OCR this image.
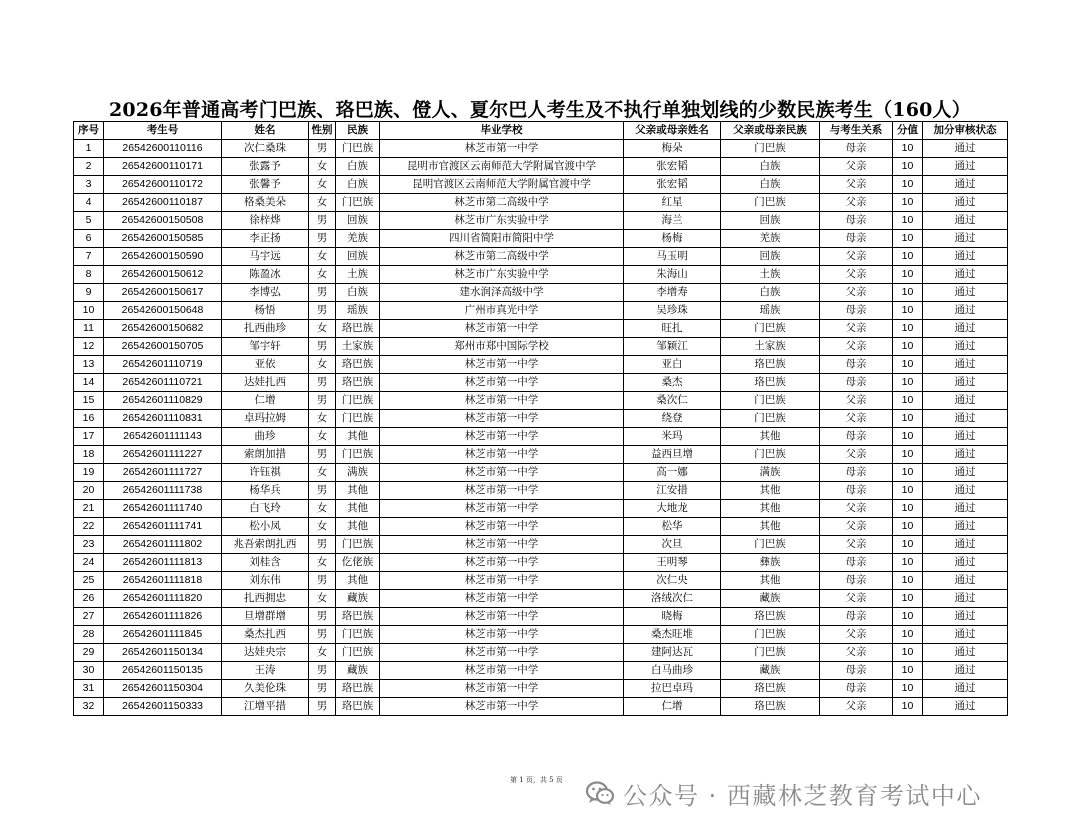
2026年普通高考门巴族、珞巴族、僜人、夏尔巴人考生及不执行单独划线的少数民族考生（160人）
序号	考生号	姓名	性别	民族	毕业学校	父亲或母亲姓名	父亲或母亲民族	与考生关系	分值	加分审核状态
1	26542600110116	次仁桑珠	男	门巴族	林芝市第一中学	梅朵	门巴族	母亲	10	通过
2	26542600110171	张露予	女	白族	昆明市官渡区云南师范大学附属官渡中学	张宏韬	白族	父亲	10	通过
3	26542600110172	张馨予	女	白族	昆明官渡区云南师范大学附属官渡中学	张宏韬	白族	父亲	10	通过
4	26542600110187	格桑美朵	女	门巴族	林芝市第二高级中学	红星	门巴族	父亲	10	通过
5	26542600150508	徐梓烨	男	回族	林芝市广东实验中学	海兰	回族	母亲	10	通过
6	26542600150585	李正扬	男	羌族	四川省简阳市简阳中学	杨梅	羌族	母亲	10	通过
7	26542600150590	马宇远	女	回族	林芝市第二高级中学	马玉明	回族	父亲	10	通过
8	26542600150612	陈盈冰	女	土族	林芝市广东实验中学	朱海山	土族	父亲	10	通过
9	26542600150617	李博弘	男	白族	建水润泽高级中学	李增寿	白族	父亲	10	通过
10	26542600150648	杨悟	男	瑶族	广州市真光中学	吴珍珠	瑶族	母亲	10	通过
11	26542600150682	扎西曲珍	女	珞巴族	林芝市第一中学	旺扎	门巴族	父亲	10	通过
12	26542600150705	邹宇轩	男	土家族	郑州市郑中国际学校	邹颖江	土家族	父亲	10	通过
13	26542601110719	亚依	女	珞巴族	林芝市第一中学	亚白	珞巴族	母亲	10	通过
14	26542601110721	达娃扎西	男	珞巴族	林芝市第一中学	桑杰	珞巴族	母亲	10	通过
15	26542601110829	仁增	男	门巴族	林芝市第一中学	桑次仁	门巴族	父亲	10	通过
16	26542601110831	卓玛拉姆	女	门巴族	林芝市第一中学	绕登	门巴族	父亲	10	通过
17	26542601111143	曲珍	女	其他	林芝市第一中学	米玛	其他	母亲	10	通过
18	26542601111227	索朗加措	男	门巴族	林芝市第一中学	益西旦增	门巴族	父亲	10	通过
19	26542601111727	许钰祺	女	满族	林芝市第一中学	高一娜	满族	母亲	10	通过
20	26542601111738	杨华兵	男	其他	林芝市第一中学	江安措	其他	母亲	10	通过
21	26542601111740	白飞玲	女	其他	林芝市第一中学	大地龙	其他	父亲	10	通过
22	26542601111741	松小凤	女	其他	林芝市第一中学	松华	其他	父亲	10	通过
23	26542601111802	兆吾索朗扎西	男	门巴族	林芝市第一中学	次旦	门巴族	父亲	10	通过
24	26542601111813	刘桂含	女	仡佬族	林芝市第一中学	王明琴	彝族	母亲	10	通过
25	26542601111818	刘东伟	男	其他	林芝市第一中学	次仁央	其他	母亲	10	通过
26	26542601111820	扎西拥忠	女	藏族	林芝市第一中学	洛绒次仁	藏族	父亲	10	通过
27	26542601111826	旦增群增	男	珞巴族	林芝市第一中学	晓梅	珞巴族	母亲	10	通过
28	26542601111845	桑杰扎西	男	门巴族	林芝市第一中学	桑杰旺堆	门巴族	父亲	10	通过
29	26542601150134	达娃央宗	女	门巴族	林芝市第一中学	建阿达瓦	门巴族	父亲	10	通过
30	26542601150135	王涛	男	藏族	林芝市第一中学	白马曲珍	藏族	母亲	10	通过
31	26542601150304	久美伦珠	男	珞巴族	林芝市第一中学	拉巴卓玛	珞巴族	母亲	10	通过
32	26542601150333	江增平措	男	珞巴族	林芝市第一中学	仁增	珞巴族	父亲	10	通过
第 1 页，共 5 页
公众号 · 西藏林芝教育考试中心
